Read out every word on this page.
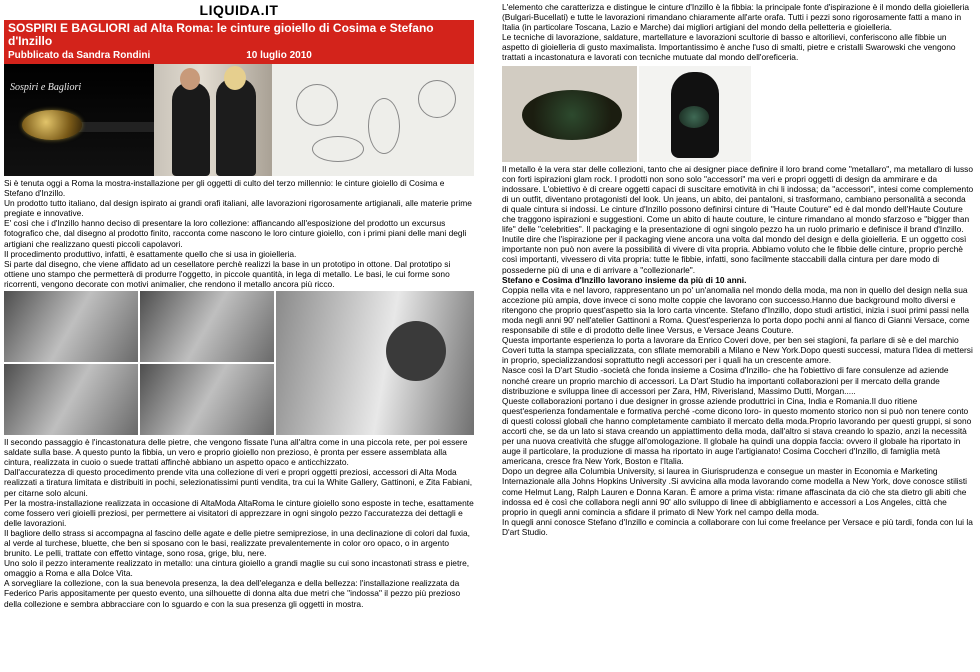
LIQUIDA.IT
SOSPIRI E BAGLIORI ad Alta Roma: le cinture gioiello di Cosima e Stefano d'Inzillo
Pubblicato da Sandra Rondini	10 luglio 2010
Sospiri e Bagliori

Si è tenuta oggi a Roma la mostra-installazione per gli oggetti di culto del terzo millennio: le cinture gioiello di Cosima e Stefano d'Inzillo.

Un prodotto tutto italiano, dal design ispirato ai grandi orafi italiani, alle lavorazioni rigorosamente artigianali, alle materie prime pregiate e innovative.

E' così che i d'Inzillo hanno deciso di presentare la loro collezione: affiancando all'esposizione del prodotto un excursus fotografico che, dal disegno al prodotto finito, racconta come nascono le loro cinture gioiello, con i primi piani delle mani degli artigiani che realizzano questi piccoli capolavori.

Il procedimento produttivo, infatti, è esattamente quello che si usa in gioielleria.

Si parte dal disegno, che viene affidato ad un cesellatore perchè realizzi la base in un prototipo in ottone. Dal prototipo si ottiene uno stampo che permetterà di produrre l'oggetto, in piccole quantità, in lega di metallo. Le basi, le cui forme sono ricorrenti, vengono decorate con motivi animalier, che rendono il metallo ancora più ricco.

Il secondo passaggio è l'incastonatura delle pietre, che vengono fissate l'una all'altra come in una piccola rete, per poi essere saldate sulla base. A questo punto la fibbia, un vero e proprio gioiello non prezioso, è pronta per essere assemblata alla cintura, realizzata in cuoio o suede trattati affinchè abbiano un aspetto opaco e anticchizzato.

Dall'accuratezza di questo procedimento prende vita una collezione di veri e propri oggetti preziosi, accessori di Alta Moda realizzati a tiratura limitata e distribuiti in pochi, selezionatissimi punti vendita, tra cui la White Gallery, Gattinoni, e Zita Fabiani, per citarne solo alcuni.

Per la mostra-installazione realizzata in occasione di AltaModa AltaRoma le cinture gioiello sono esposte in teche, esattamente come fossero veri gioielli preziosi, per permettere ai visitatori di apprezzare in ogni singolo pezzo l'accuratezza dei dettagli e delle lavorazioni.

Il bagliore dello strass si accompagna al fascino delle agate e delle pietre semipreziose, in una declinazione di colori dal fuxia, al verde al turchese, bluette, che ben si sposano con le basi, realizzate prevalentemente in color oro opaco, o in argento brunito. Le pelli, trattate con effetto vintage, sono rosa, grige, blu, nere.

Uno solo il pezzo interamente realizzato in metallo: una cintura gioiello a grandi maglie su cui sono incastonati strass e pietre, omaggio a Roma e alla Dolce Vita.

A sorvegliare la collezione, con la sua benevola presenza, la dea dell'eleganza e della bellezza: l'installazione realizzata da Federico Paris appositamente per questo evento, una silhouette di donna alta due metri che "indossa" il pezzo più prezioso della collezione e sembra abbracciare con lo sguardo e con la sua presenza gli oggetti in mostra.

L'elemento che caratterizza e distingue le cinture d'Inzillo è la fibbia: la principale fonte d'ispirazione è il mondo della gioielleria (Bulgari-Bucellati) e tutte le lavorazioni rimandano chiaramente all'arte orafa. Tutti i pezzi sono rigorosamente fatti a mano in Italia (in particolare Toscana, Lazio e Marche) dai migliori artigiani del mondo della pelletteria e gioielleria.

Le tecniche di lavorazione, saldature, martellature e lavorazioni scultorie di basso e altorilievi, conferiscono alle fibbie un aspetto di gioielleria di gusto maximalista. Importantissimo è anche l'uso di smalti, pietre e cristalli Swarowski che vengono trattati a incastonatura e lavorati con tecniche mutuate dal mondo dell'oreficeria.

Il metallo è la vera star delle collezioni, tanto che ai designer piace definire il loro brand come "metallaro", ma metallaro di lusso con forti ispirazioni glam rock. I prodotti non sono solo "accessori" ma veri e propri oggetti di design da ammirare e da indossare. L'obiettivo è di creare oggetti capaci di suscitare emotività in chi li indossa; da "accessori", intesi come complemento di un outfit, diventano protagonisti del look. Un jeans, un abito, dei pantaloni, si trasformano, cambiano personalità a seconda di quale cintura si indossi. Le cinture d'Inzillo possono definirsi cinture di "Haute Couture" ed è dal mondo dell'Haute Couture che traggono ispirazioni e suggestioni. Come un abito di haute couture, le cinture rimandano al mondo sfarzoso e "bigger than life" delle "celebrities". Il packaging e la presentazione di ogni singolo pezzo ha un ruolo primario e definisce il brand d'Inzillo. Inutile dire che l'ispirazione per il packaging viene ancora una volta dal mondo del design e della gioielleria. E un oggetto così importante non può non avere la possibilità di vivere di vita propria. Abbiamo voluto che le fibbie delle cinture, proprio perchè così importanti, vivessero di vita propria: tutte le fibbie, infatti, sono facilmente staccabili dalla cintura per dare modo di possederne più di una e di arrivare a "collezionarle".

Stefano e Cosima d'Inzillo lavorano insieme da più di 10 anni.

Coppia nella vita e nel lavoro, rappresentano un po' un'anomalia nel mondo della moda, ma non in quello del design nella sua accezione più ampia, dove invece ci sono molte coppie che lavorano con successo.Hanno due background molto diversi e ritengono che proprio quest'aspetto sia la loro carta vincente. Stefano d'Inzillo, dopo studi artistici, inizia i suoi primi passi nella moda negli anni 90' nell'atelier Gattinoni a Roma. Quest'esperienza lo porta dopo pochi anni al fianco di Gianni Versace, come responsabile di stile e di prodotto delle linee Versus, e Versace Jeans Couture.

Questa importante esperienza lo porta a lavorare da Enrico Coveri dove, per ben sei stagioni, fa parlare di sè e del marchio Coveri tutta la stampa specializzata, con sfilate memorabili a Milano e New York.Dopo questi successi, matura l'idea di mettersi in proprio, specializzandosi soprattutto negli accessori per i quali ha un crescente amore.

Nasce così la D'art Studio -società che fonda insieme a Cosima d'Inzillo- che ha l'obiettivo di fare consulenze ad aziende nonché creare un proprio marchio di accessori. La D'art Studio ha importanti collaborazioni per il mercato della grande distribuzione e sviluppa linee di accessori per Zara, HM, Riverisland, Massimo Dutti, Morgan.....

Queste collaborazioni portano i due designer in grosse aziende produttrici in Cina, India e Romania.Il duo ritiene quest'esperienza fondamentale e formativa perché -come dicono loro- in questo momento storico non si può non tenere conto di questi colossi globali che hanno completamente cambiato il mercato della moda.Proprio lavorando per questi gruppi, si sono accorti che, se da un lato si stava creando un appiattimento della moda, dall'altro si stava creando lo spazio, anzi la necessità per una nuova creatività che sfugge all'omologazione. Il globale ha quindi una doppia faccia: ovvero il globale ha riportato in auge il particolare, la produzione di massa ha riportato in auge l'artigianato! Cosima Coccheri d'Inzillo, di famiglia metà americana, cresce fra New York, Boston e l'Italia.

Dopo un degree alla Columbia University, si laurea in Giurisprudenza e consegue un master in Economia e Marketing Internazionale alla Johns Hopkins University .Si avvicina alla moda lavorando come modella a New York, dove conosce stilisti come Helmut Lang, Ralph Lauren e Donna Karan. È amore a prima vista: rimane affascinata da ciò che sta dietro gli abiti che indossa ed è così che collabora negli anni 90' allo sviluppo di linee di abbigliamento e accessori a Los Angeles, città che proprio in quegli anni comincia a sfidare il primato di New York nel campo della moda.

In quegli anni conosce Stefano d'Inzillo e comincia a collaborare con lui come freelance per Versace e più tardi, fonda con lui la D'art Studio.
